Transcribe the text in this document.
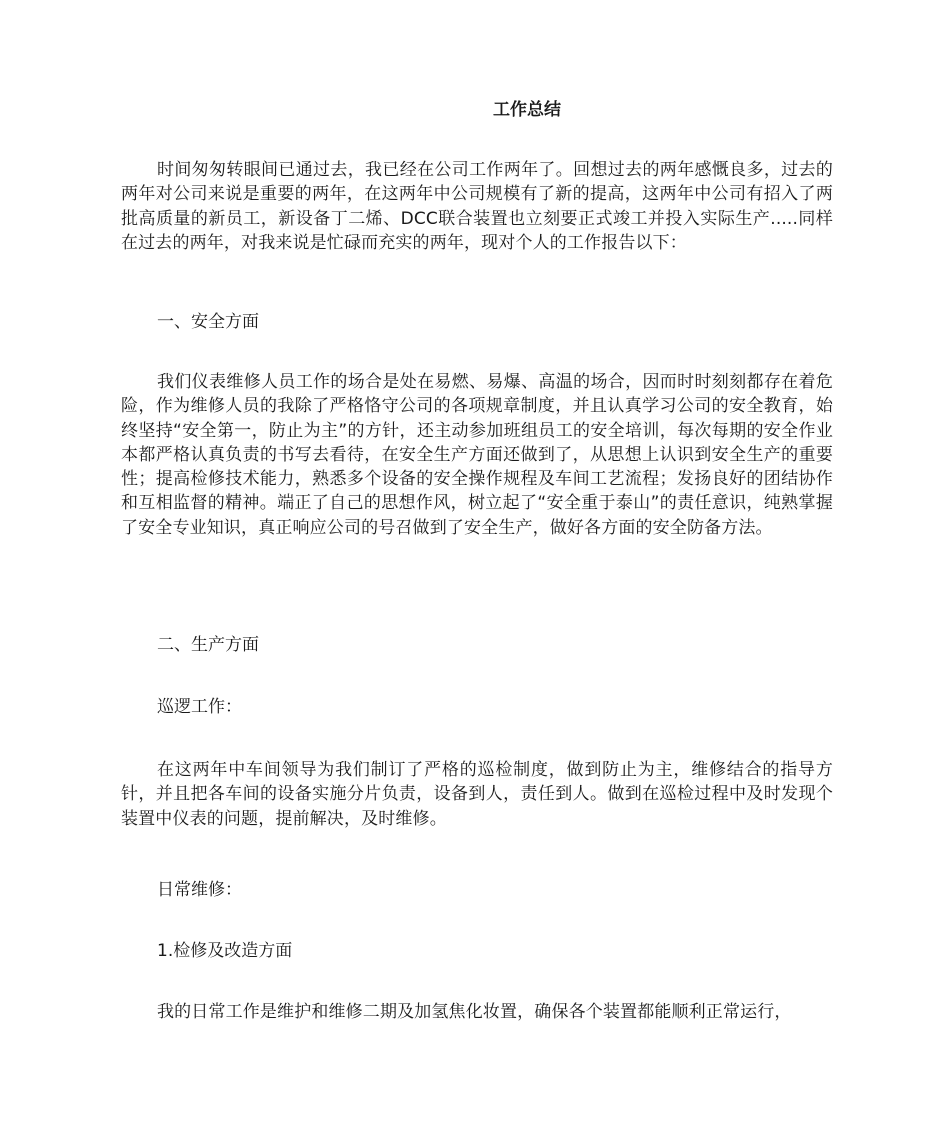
工作总结

时间匆匆转眼间已通过去，我已经在公司工作两年了。回想过去的两年感慨良多，过去的两年对公司来说是重要的两年，在这两年中公司规模有了新的提高，这两年中公司有招入了两批高质量的新员工，新设备丁二烯、DCC联合装置也立刻要正式竣工并投入实际生产.....同样在过去的两年，对我来说是忙碌而充实的两年，现对个人的工作报告以下：

一、安全方面

我们仪表维修人员工作的场合是处在易燃、易爆、高温的场合，因而时时刻刻都存在着危险，作为维修人员的我除了严格恪守公司的各项规章制度，并且认真学习公司的安全教育，始终坚持“安全第一，防止为主”的方针，还主动参加班组员工的安全培训，每次每期的安全作业本都严格认真负责的书写去看待，在安全生产方面还做到了，从思想上认识到安全生产的重要性；提高检修技术能力，熟悉多个设备的安全操作规程及车间工艺流程；发扬良好的团结协作和互相监督的精神。端正了自己的思想作风，树立起了“安全重于泰山”的责任意识，纯熟掌握了安全专业知识，真正响应公司的号召做到了安全生产，做好各方面的安全防备方法。

二、生产方面

巡逻工作：

在这两年中车间领导为我们制订了严格的巡检制度，做到防止为主，维修结合的指导方针，并且把各车间的设备实施分片负责，设备到人，责任到人。做到在巡检过程中及时发现个装置中仪表的问题，提前解决，及时维修。

日常维修：

1.检修及改造方面

我的日常工作是维护和维修二期及加氢焦化妆置，确保各个装置都能顺利正常运行，
